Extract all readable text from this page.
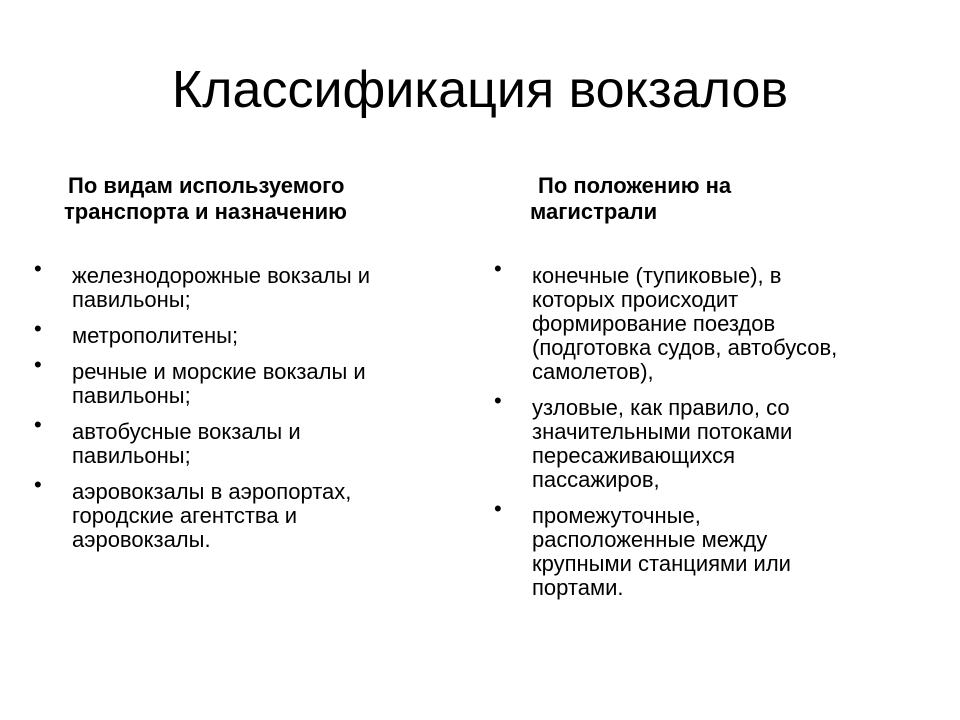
Классификация вокзалов
По видам используемого
транспорта и назначению
• железнодорожные вокзалы и
павильоны;
• метрополитены;
• речные и морские вокзалы и
павильоны;
• автобусные вокзалы и
павильоны;
• аэровокзалы в аэропортах,
городские агентства и
аэровокзалы.
По положению на
магистрали
• конечные (тупиковые), в
которых происходит
формирование поездов
(подготовка судов, автобусов,
самолетов),
• узловые, как правило, со
значительными потоками
пересаживающихся
пассажиров,
• промежуточные,
расположенные между
крупными станциями или
портами.
